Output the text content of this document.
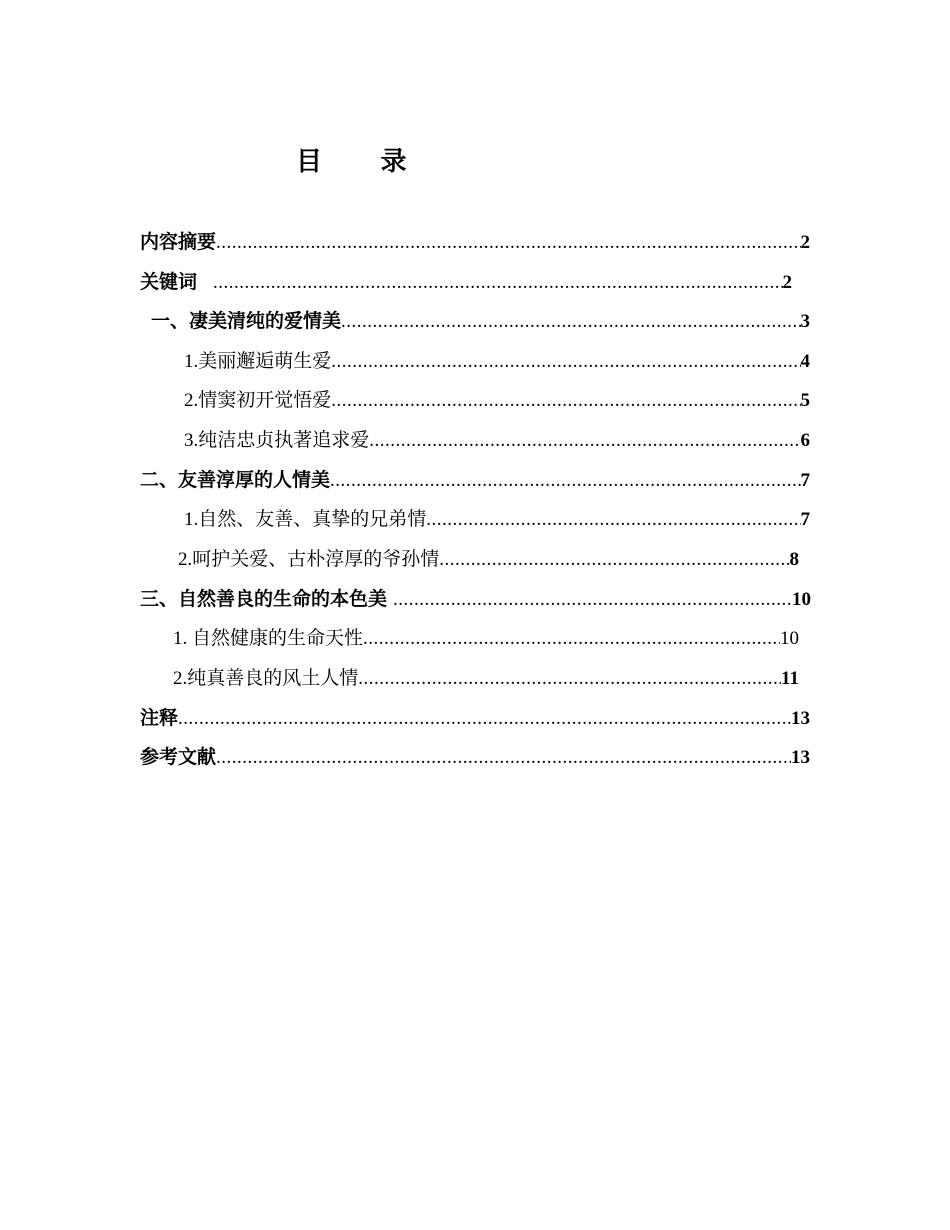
目 录
内容摘要 .....	2
关键词 .....	2
一、凄美清纯的爱情美 .....	3
1.美丽邂逅萌生爱 .....	4
2.情窦初开觉悟爱 .....	5
3.纯洁忠贞执著追求爱 .....	6
二、友善淳厚的人情美 .....	7
1.自然、友善、真挚的兄弟情 .....	7
2.呵护关爱、古朴淳厚的爷孙情 .....	8
三、自然善良的生命的本色美 .....	10
1. 自然健康的生命天性 .....	10
2.纯真善良的风土人情 .....	11
注释 .....	13
参考文献 .....	13
